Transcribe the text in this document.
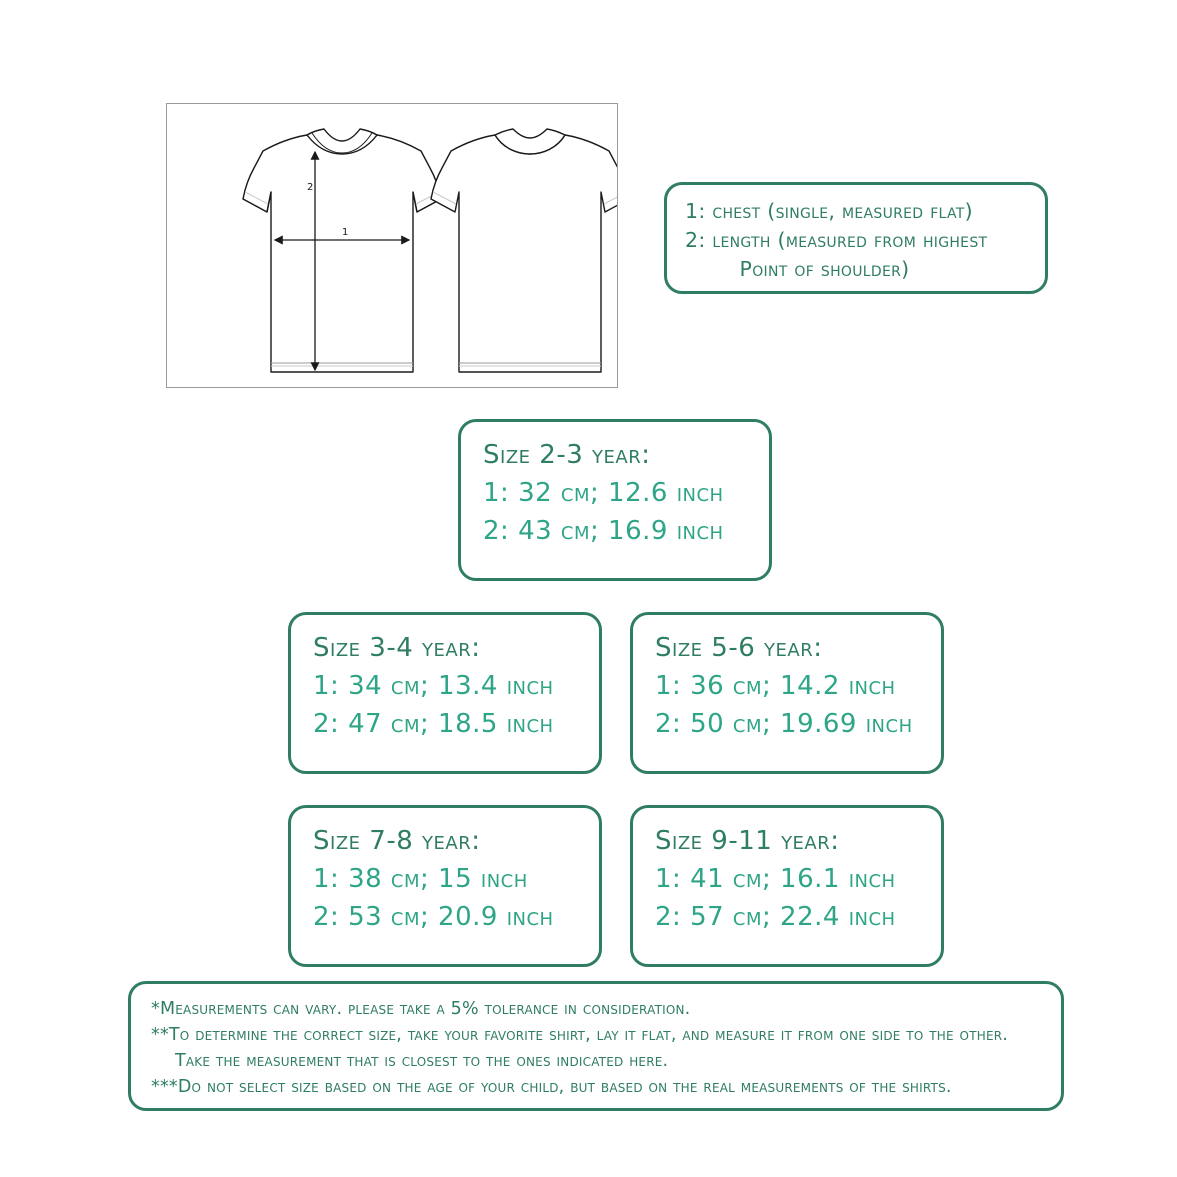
1
2
1: chest (single, measured flat)
2: length (measured from highest
Point of shoulder)
Size 2-3 year:
1: 32 cm; 12.6 inch
2: 43 cm; 16.9 inch
Size 3-4 year:
1: 34 cm; 13.4 inch
2: 47 cm; 18.5 inch
Size 5-6 year:
1: 36 cm; 14.2 inch
2: 50 cm; 19.69 inch
Size 7-8 year:
1: 38 cm; 15 inch
2: 53 cm; 20.9 inch
Size 9-11 year:
1: 41 cm; 16.1 inch
2: 57 cm; 22.4 inch
*Measurements can vary. please take a 5% tolerance in consideration.
**To determine the correct size, take your favorite shirt, lay it flat, and measure it from one side to the other.
Take the measurement that is closest to the ones indicated here.
***Do not select size based on the age of your child, but based on the real measurements of the shirts.
